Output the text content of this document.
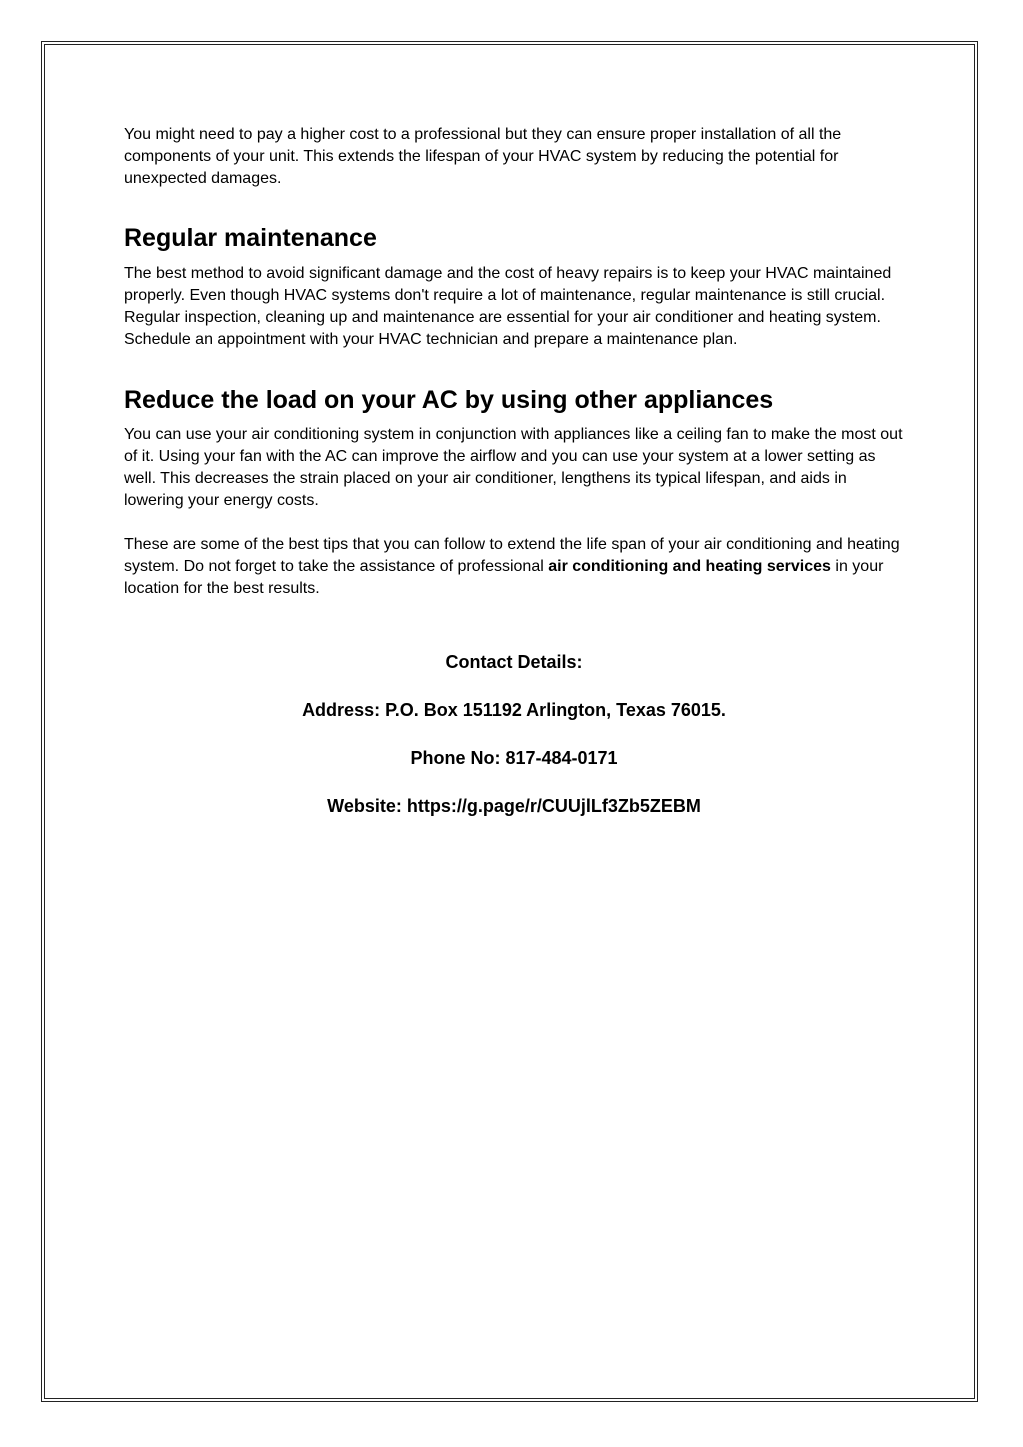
You might need to pay a higher cost to a professional but they can ensure proper installation of all the components of your unit. This extends the lifespan of your HVAC system by reducing the potential for unexpected damages.

Regular maintenance

The best method to avoid significant damage and the cost of heavy repairs is to keep your HVAC maintained properly. Even though HVAC systems don't require a lot of maintenance, regular maintenance is still crucial. Regular inspection, cleaning up and maintenance are essential for your air conditioner and heating system. Schedule an appointment with your HVAC technician and prepare a maintenance plan.

Reduce the load on your AC by using other appliances

You can use your air conditioning system in conjunction with appliances like a ceiling fan to make the most out of it. Using your fan with the AC can improve the airflow and you can use your system at a lower setting as well. This decreases the strain placed on your air conditioner, lengthens its typical lifespan, and aids in lowering your energy costs.

These are some of the best tips that you can follow to extend the life span of your air conditioning and heating system. Do not forget to take the assistance of professional air conditioning and heating services in your location for the best results.

Contact Details:
Address: P.O. Box 151192 Arlington, Texas 76015.
Phone No: 817-484-0171
Website: https://g.page/r/CUUjlLf3Zb5ZEBM
